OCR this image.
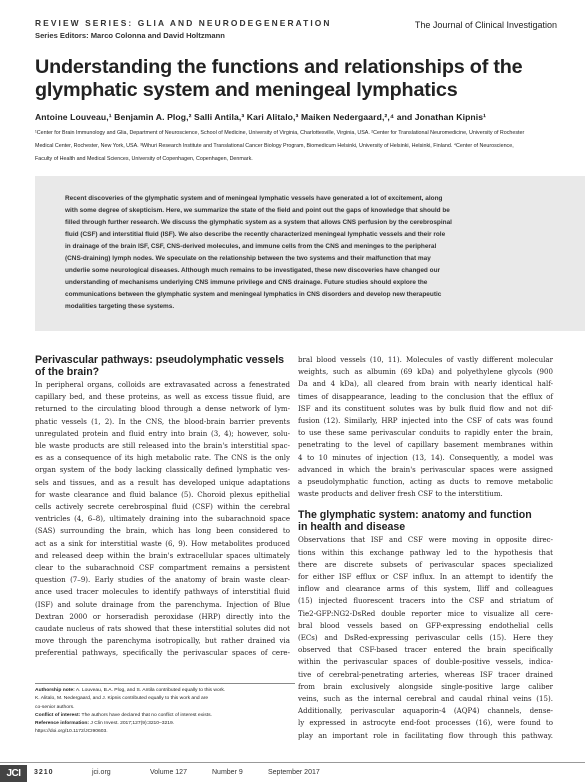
REVIEW SERIES: GLIA AND NEURODEGENERATION
Series Editors: Marco Colonna and David Holtzmann
The Journal of Clinical Investigation
Understanding the functions and relationships of the
glymphatic system and meningeal lymphatics
Antoine Louveau,¹ Benjamin A. Plog,² Salli Antila,³ Kari Alitalo,³ Maiken Nedergaard,²,⁴ and Jonathan Kipnis¹
¹Center for Brain Immunology and Glia, Department of Neuroscience, School of Medicine, University of Virginia, Charlottesville, Virginia, USA. ²Center for Translational Neuromedicine, University of Rochester
Medical Center, Rochester, New York, USA. ³Wihuri Research Institute and Translational Cancer Biology Program, Biomedicum Helsinki, University of Helsinki, Helsinki, Finland. ⁴Center of Neuroscience,
Faculty of Health and Medical Sciences, University of Copenhagen, Copenhagen, Denmark.
Recent discoveries of the glymphatic system and of meningeal lymphatic vessels have generated a lot of excitement, along
with some degree of skepticism. Here, we summarize the state of the field and point out the gaps of knowledge that should be
filled through further research. We discuss the glymphatic system as a system that allows CNS perfusion by the cerebrospinal
fluid (CSF) and interstitial fluid (ISF). We also describe the recently characterized meningeal lymphatic vessels and their role
in drainage of the brain ISF, CSF, CNS-derived molecules, and immune cells from the CNS and meninges to the peripheral
(CNS-draining) lymph nodes. We speculate on the relationship between the two systems and their malfunction that may
underlie some neurological diseases. Although much remains to be investigated, these new discoveries have changed our
understanding of mechanisms underlying CNS immune privilege and CNS drainage. Future studies should explore the
communications between the glymphatic system and meningeal lymphatics in CNS disorders and develop new therapeutic
modalities targeting these systems.
Perivascular pathways: pseudolymphatic vessels
of the brain?

In peripheral organs, colloids are extravasated across a fenestrated

capillary bed, and these proteins, as well as excess tissue fluid, are

returned to the circulating blood through a dense network of lym-

phatic vessels (1, 2). In the CNS, the blood-brain barrier prevents

unregulated protein and fluid entry into brain (3, 4); however, solu-

ble waste products are still released into the brain's interstitial spac-

es as a consequence of its high metabolic rate. The CNS is the only

organ system of the body lacking classically defined lymphatic ves-

sels and tissues, and as a result has developed unique adaptations

for waste clearance and fluid balance (5). Choroid plexus epithelial

cells actively secrete cerebrospinal fluid (CSF) within the cerebral

ventricles (4, 6–8), ultimately draining into the subarachnoid space

(SAS) surrounding the brain, which has long been considered to

act as a sink for interstitial waste (6, 9). How metabolites produced

and released deep within the brain's extracellular spaces ultimately

clear to the subarachnoid CSF compartment remains a persistent

question (7–9). Early studies of the anatomy of brain waste clear-

ance used tracer molecules to identify pathways of interstitial fluid

(ISF) and solute drainage from the parenchyma. Injection of Blue

Dextran 2000 or horseradish peroxidase (HRP) directly into the

caudate nucleus of rats showed that these interstitial solutes did not

move through the parenchyma isotropically, but rather drained via

preferential pathways, specifically the perivascular spaces of cere-

bral blood vessels (10, 11). Molecules of vastly different molecular

weights, such as albumin (69 kDa) and polyethylene glycols (900

Da and 4 kDa), all cleared from brain with nearly identical half-

times of disappearance, leading to the conclusion that the efflux of

ISF and its constituent solutes was by bulk fluid flow and not dif-

fusion (12). Similarly, HRP injected into the CSF of cats was found

to use these same perivascular conduits to rapidly enter the brain,

penetrating to the level of capillary basement membranes within

4 to 10 minutes of injection (13, 14). Consequently, a model was

advanced in which the brain's perivascular spaces were assigned

a pseudolymphatic function, acting as ducts to remove metabolic

waste products and deliver fresh CSF to the interstitium.

The glymphatic system: anatomy and function
in health and disease

Observations that ISF and CSF were moving in opposite direc-

tions within this exchange pathway led to the hypothesis that

there are discrete subsets of perivascular spaces specialized

for either ISF efflux or CSF influx. In an attempt to identify the

inflow and clearance arms of this system, Iliff and colleagues

(15) injected fluorescent tracers into the CSF and striatum of

Tie2-GFP:NG2-DsRed double reporter mice to visualize all cere-

bral blood vessels based on GFP-expressing endothelial cells

(ECs) and DsRed-expressing perivascular cells (15). Here they

observed that CSF-based tracer entered the brain specifically

within the perivascular spaces of double-positive vessels, indica-

tive of cerebral-penetrating arteries, whereas ISF tracer drained

from brain exclusively alongside single-positive large caliber

veins, such as the internal cerebral and caudal rhinal veins (15).

Additionally, perivascular aquaporin-4 (AQP4) channels, dense-

ly expressed in astrocyte end-foot processes (16), were found to

play an important role in facilitating flow through this pathway.

Authorship note: A. Louveau, B.A. Plog, and S. Antila contributed equally to this work.
K. Alitalo, M. Nedergaard, and J. Kipnis contributed equally to this work and are
co-senior authors.
Conflict of interest: The authors have declared that no conflict of interest exists.
Reference information: J Clin Invest. 2017;127(9):3210–3219.
https://doi.org/10.1172/JCI90603.
JCI	3210	jci.org	Volume 127	Number 9	September 2017
